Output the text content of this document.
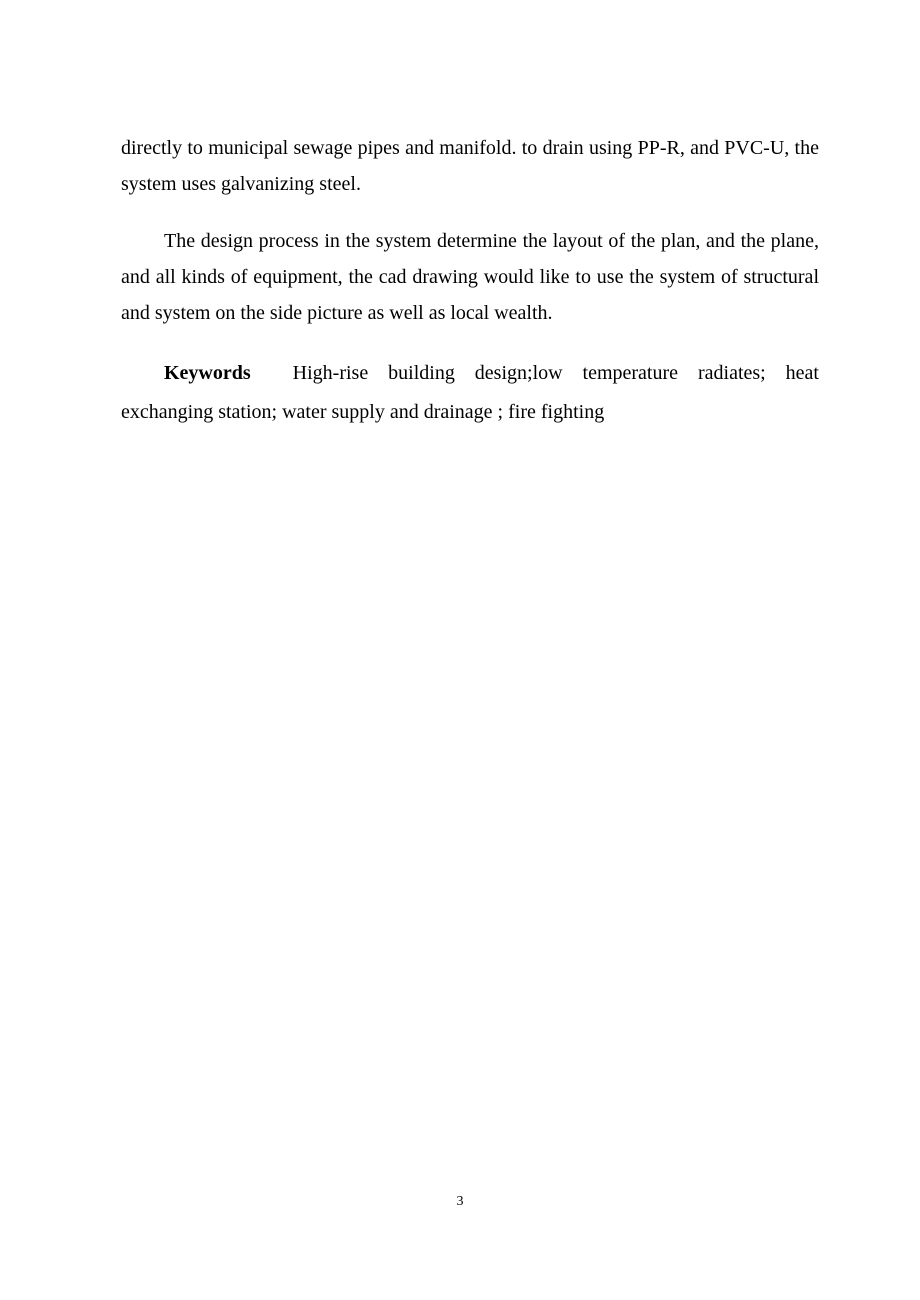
directly to municipal sewage pipes and manifold. to drain using PP-R, and PVC-U, the system uses galvanizing steel.

The design process in the system determine the layout of the plan, and the plane, and all kinds of equipment, the cad drawing would like to use the system of structural and system on the side picture as well as local wealth.

Keywords High-rise building design;low temperature radiates; heat exchanging station; water supply and drainage ; fire fighting

3
